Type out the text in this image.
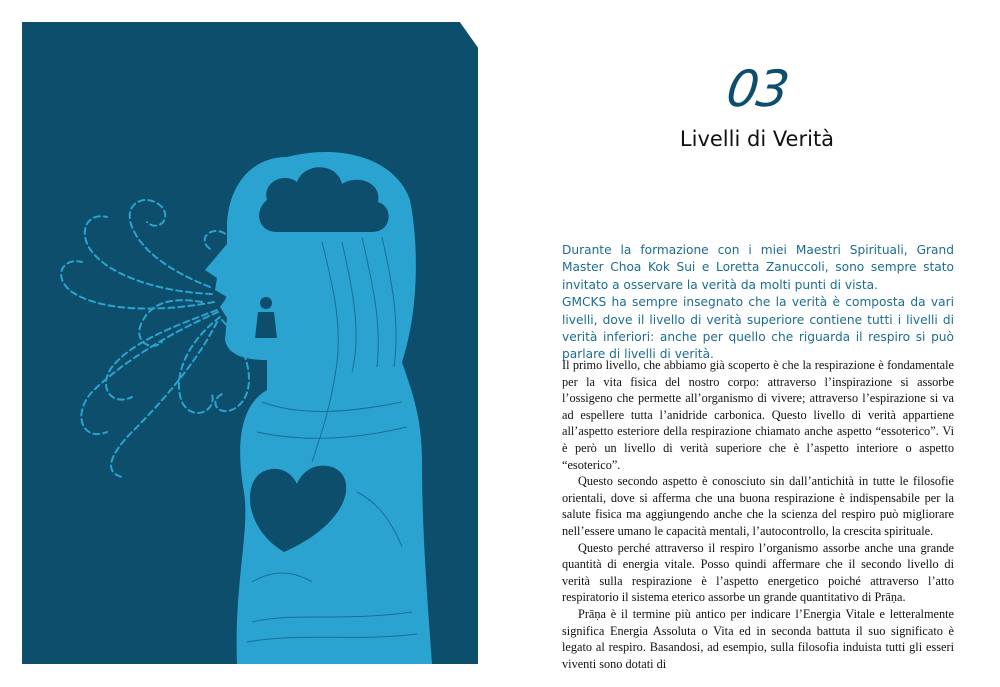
03
Livelli di Verità

Durante la formazione con i miei Maestri Spirituali, Grand Master Choa Kok Sui e Loretta Zanuccoli, sono sempre stato invitato a osservare la verità da molti punti di vista.

GMCKS ha sempre insegnato che la verità è composta da vari livelli, dove il livello di verità superiore contiene tutti i livelli di verità inferiori: anche per quello che riguarda il respiro si può parlare di livelli di verità.

Il primo livello, che abbiamo già scoperto è che la respirazione è fondamentale per la vita fisica del nostro corpo: attraverso l’inspirazione si assorbe l’ossigeno che permette all’organismo di vivere; attraverso l’espirazione si va ad espellere tutta l’anidride carbonica. Questo livello di verità appartiene all’aspetto esteriore della respirazione chiamato anche aspetto “essoterico”. Vi è però un livello di verità superiore che è l’aspetto interiore o aspetto “esoterico”.

Questo secondo aspetto è conosciuto sin dall’antichità in tutte le filosofie orientali, dove si afferma che una buona respirazione è indispensabile per la salute fisica ma aggiungendo anche che la scienza del respiro può migliorare nell’essere umano le capacità mentali, l’autocontrollo, la crescita spirituale.

Questo perché attraverso il respiro l’organismo assorbe anche una grande quantità di energia vitale. Posso quindi affermare che il secondo livello di verità sulla respirazione è l’aspetto energetico poiché attraverso l’atto respiratorio il sistema eterico assorbe un grande quantitativo di Prāṇa.

Prāṇa è il termine più antico per indicare l’Energia Vitale e letteralmente significa Energia Assoluta o Vita ed in seconda battuta il suo significato è legato al respiro. Basandosi, ad esempio, sulla filosofia induista tutti gli esseri viventi sono dotati di
